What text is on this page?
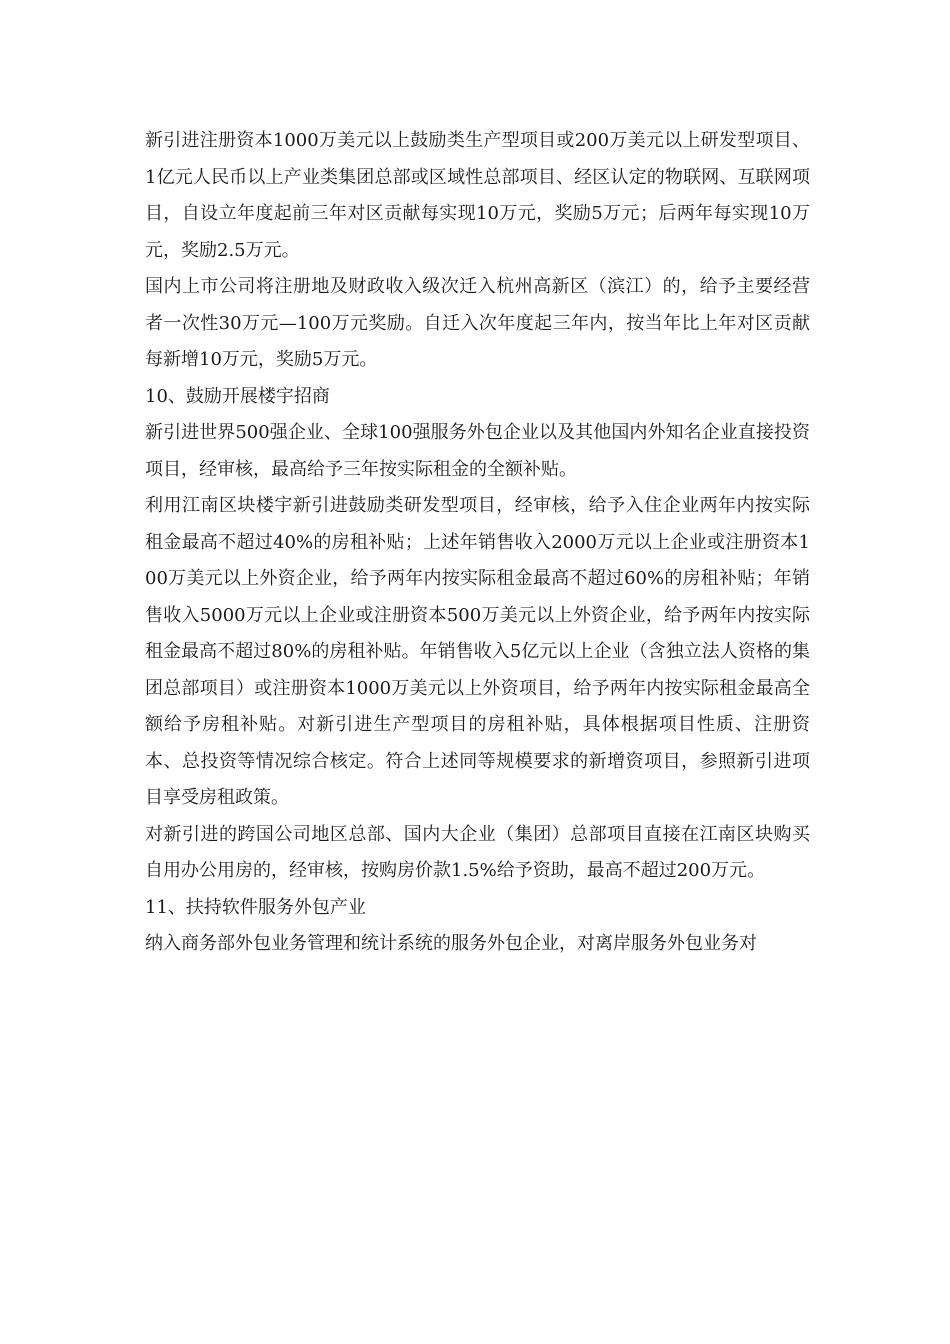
新引进注册资本1000万美元以上鼓励类生产型项目或200万美元以上研发型项目、1亿元人民币以上产业类集团总部或区域性总部项目、经区认定的物联网、互联网项目，自设立年度起前三年对区贡献每实现10万元，奖励5万元；后两年每实现10万元，奖励2.5万元。

国内上市公司将注册地及财政收入级次迁入杭州高新区（滨江）的，给予主要经营者一次性30万元—100万元奖励。自迁入次年度起三年内，按当年比上年对区贡献每新增10万元，奖励5万元。

10、鼓励开展楼宇招商

新引进世界500强企业、全球100强服务外包企业以及其他国内外知名企业直接投资项目，经审核，最高给予三年按实际租金的全额补贴。

利用江南区块楼宇新引进鼓励类研发型项目，经审核，给予入住企业两年内按实际租金最高不超过40%的房租补贴；上述年销售收入2000万元以上企业或注册资本100万美元以上外资企业，给予两年内按实际租金最高不超过60%的房租补贴；年销售收入5000万元以上企业或注册资本500万美元以上外资企业，给予两年内按实际租金最高不超过80%的房租补贴。年销售收入5亿元以上企业（含独立法人资格的集团总部项目）或注册资本1000万美元以上外资项目，给予两年内按实际租金最高全额给予房租补贴。对新引进生产型项目的房租补贴，具体根据项目性质、注册资本、总投资等情况综合核定。符合上述同等规模要求的新增资项目，参照新引进项目享受房租政策。

对新引进的跨国公司地区总部、国内大企业（集团）总部项目直接在江南区块购买自用办公用房的，经审核，按购房价款1.5%给予资助，最高不超过200万元。

11、扶持软件服务外包产业

纳入商务部外包业务管理和统计系统的服务外包企业，对离岸服务外包业务对
